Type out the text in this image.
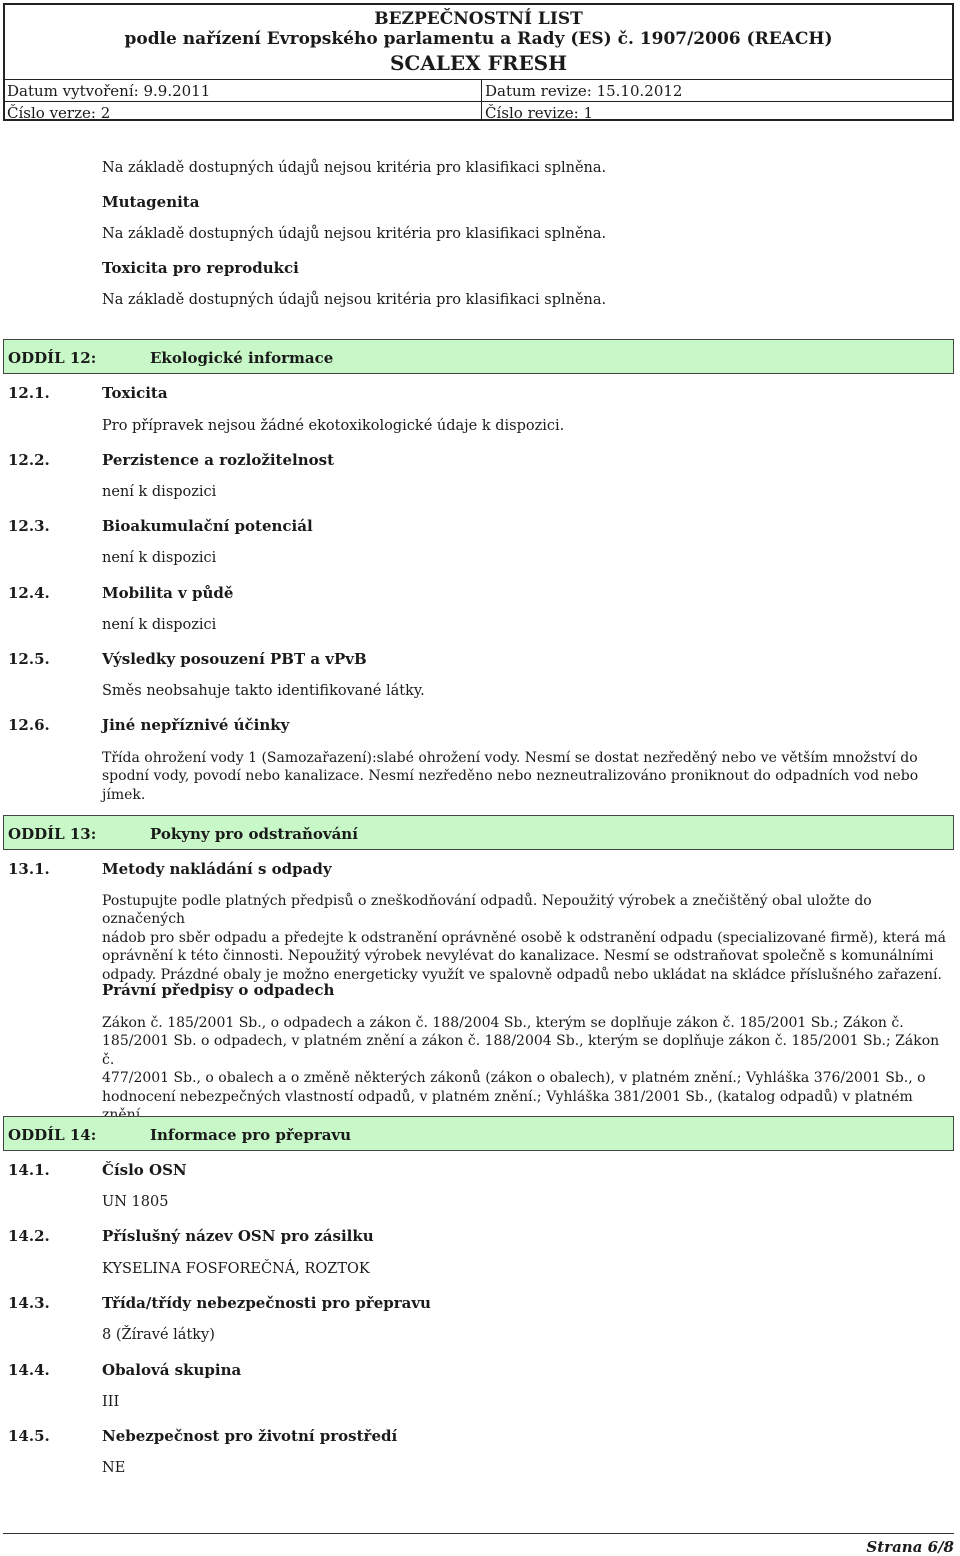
BEZPEČNOSTNÍ LIST
podle nařízení Evropského parlamentu a Rady (ES) č. 1907/2006 (REACH)
SCALEX FRESH
Datum vytvoření: 9.9.2011	Datum revize: 15.10.2012
Číslo verze: 2	Číslo revize: 1
Na základě dostupných údajů nejsou kritéria pro klasifikaci splněna.
Mutagenita
Na základě dostupných údajů nejsou kritéria pro klasifikaci splněna.
Toxicita pro reprodukci
Na základě dostupných údajů nejsou kritéria pro klasifikaci splněna.
ODDÍL 12:	Ekologické informace
12.1.	Toxicita
Pro přípravek nejsou žádné ekotoxikologické údaje k dispozici.
12.2.	Perzistence a rozložitelnost
není k dispozici
12.3.	Bioakumulační potenciál
není k dispozici
12.4.	Mobilita v půdě
není k dispozici
12.5.	Výsledky posouzení PBT a vPvB
Směs neobsahuje takto identifikované látky.
12.6.	Jiné nepříznivé účinky
Třída ohrožení vody 1 (Samozařazení):slabé ohrožení vody. Nesmí se dostat nezředěný nebo ve větším množství do
spodní vody, povodí nebo kanalizace. Nesmí nezředěno nebo nezneutralizováno proniknout do odpadních vod nebo jímek.
ODDÍL 13:	Pokyny pro odstraňování
13.1.	Metody nakládání s odpady
Postupujte podle platných předpisů o zneškodňování odpadů. Nepoužitý výrobek a znečištěný obal uložte do označených
nádob pro sběr odpadu a předejte k odstranění oprávněné osobě k odstranění odpadu (specializované firmě), která má
oprávnění k této činnosti. Nepoužitý výrobek nevylévat do kanalizace. Nesmí se odstraňovat společně s komunálními
odpady. Prázdné obaly je možno energeticky využít ve spalovně odpadů nebo ukládat na skládce příslušného zařazení.
Právní předpisy o odpadech
Zákon č. 185/2001 Sb., o odpadech a zákon č. 188/2004 Sb., kterým se doplňuje zákon č. 185/2001 Sb.; Zákon č.
185/2001 Sb. o odpadech, v platném znění a zákon č. 188/2004 Sb., kterým se doplňuje zákon č. 185/2001 Sb.; Zákon č.
477/2001 Sb., o obalech a o změně některých zákonů (zákon o obalech), v platném znění.; Vyhláška 376/2001 Sb., o
hodnocení nebezpečných vlastností odpadů, v platném znění.; Vyhláška 381/2001 Sb., (katalog odpadů) v platném
ODDÍL 14:	Informace pro přepravu
14.1.	Číslo OSN
UN 1805
14.2.	Příslušný název OSN pro zásilku
KYSELINA FOSFOREČNÁ, ROZTOK
14.3.	Třída/třídy nebezpečnosti pro přepravu
8 (Žíravé látky)
14.4.	Obalová skupina
III
14.5.	Nebezpečnost pro životní prostředí
NE
Strana 6/8
